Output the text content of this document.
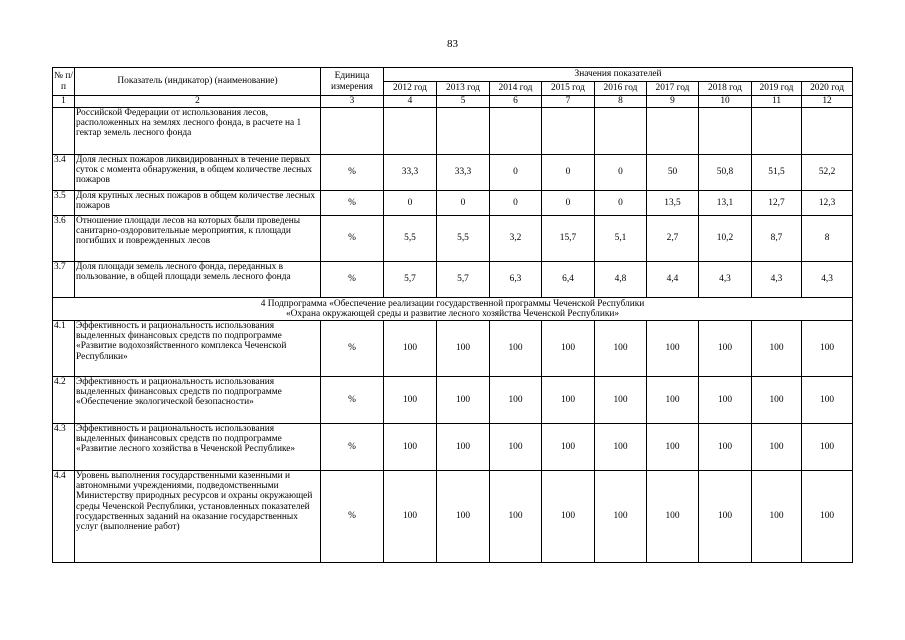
83
№ п/п	Показатель (индикатор) (наименование)	Единица измерения	Значения показателей								
			2012 год	2013 год	2014 год	2015 год	2016 год	2017 год	2018 год	2019 год	2020 год
1	2	3	4	5	6	7	8	9	10	11	12
	Российской Федерации от использования лесов, расположенных на землях лесного фонда, в расчете на 1 гектар земель лесного фонда										
3.4	Доля лесных пожаров ликвидированных в течение первых суток с момента обнаружения, в общем количестве лесных пожаров	%	33,3	33,3	0	0	0	50	50,8	51,5	52,2
3.5	Доля крупных лесных пожаров в общем количестве лесных пожаров	%	0	0	0	0	0	13,5	13,1	12,7	12,3
3.6	Отношение площади лесов на которых были проведены санитарно-оздоровительные мероприятия, к площади погибших и поврежденных лесов	%	5,5	5,5	3,2	15,7	5,1	2,7	10,2	8,7	8
3.7	Доля площади земель лесного фонда, переданных в пользование, в общей площади земель лесного фонда	%	5,7	5,7	6,3	6,4	4,8	4,4	4,3	4,3	4,3

4 Подпрограмма «Обеспечение реализации государственной программы Чеченской Республики
«Охрана окружающей среды и развитие лесного хозяйства Чеченской Республики»											

4.1	Эффективность и рациональность использования выделенных финансовых средств по подпрограмме «Развитие водохозяйственного комплекса Чеченской Республики»	%	100	100	100	100	100	100	100	100	100
4.2	Эффективность и рациональность использования выделенных финансовых средств по подпрограмме «Обеспечение экологической безопасности»	%	100	100	100	100	100	100	100	100	100
4.3	Эффективность и рациональность использования выделенных финансовых средств по подпрограмме «Развитие лесного хозяйства в Чеченской Республике»	%	100	100	100	100	100	100	100	100	100
4.4	Уровень выполнения государственными казенными и автономными учреждениями, подведомственными Министерству природных ресурсов и охраны окружающей среды Чеченской Республики, установленных показателей государственных заданий на оказание государственных услуг (выполнение работ)	%	100	100	100	100	100	100	100	100	100
